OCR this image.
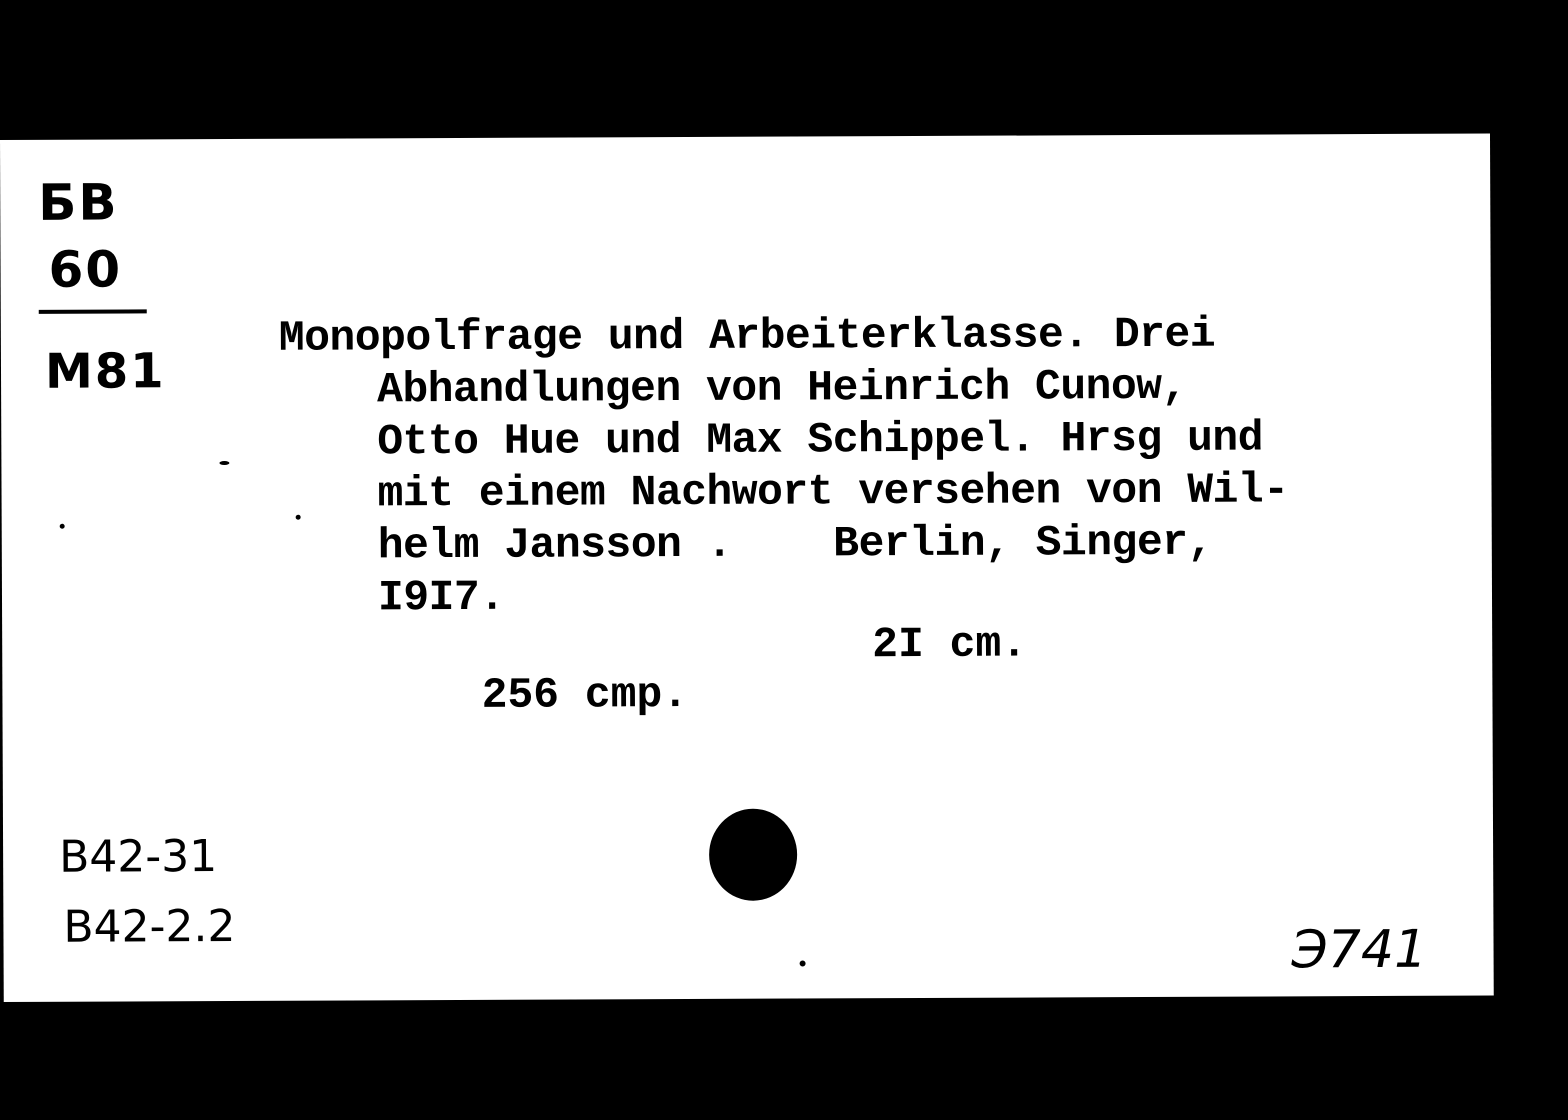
БВ
60
M81
Monopolfrage und Arbeiterklasse. Drei
Abhandlungen von Heinrich Cunow,
Otto Hue und Max Schippel. Hrsg und
mit einem Nachwort versehen von Wil-
helm Jansson .    Berlin, Singer,
I9I7.

256 cmp.

2I cm.

B42-31
B42-2.2	Э741
